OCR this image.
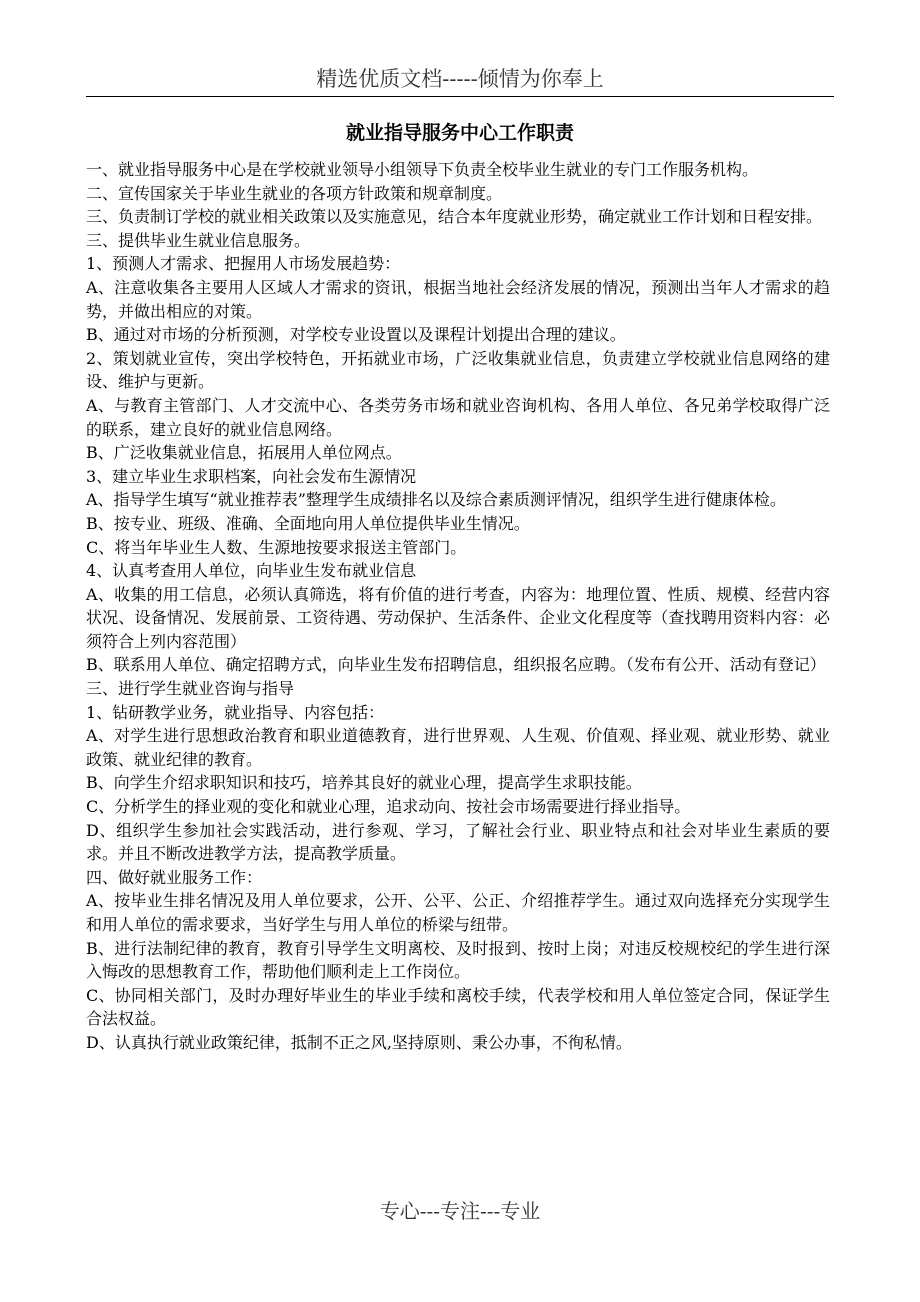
精选优质文档-----倾情为你奉上
就业指导服务中心工作职责

一、就业指导服务中心是在学校就业领导小组领导下负责全校毕业生就业的专门工作服务机构。

二、宣传国家关于毕业生就业的各项方针政策和规章制度。

三、负责制订学校的就业相关政策以及实施意见，结合本年度就业形势，确定就业工作计划和日程安排。

三、提供毕业生就业信息服务。

1、预测人才需求、把握用人市场发展趋势：

A、注意收集各主要用人区域人才需求的资讯，根据当地社会经济发展的情况，预测出当年人才需求的趋势，并做出相应的对策。

B、通过对市场的分析预测，对学校专业设置以及课程计划提出合理的建议。

2、策划就业宣传，突出学校特色，开拓就业市场，广泛收集就业信息，负责建立学校就业信息网络的建设、维护与更新。

A、与教育主管部门、人才交流中心、各类劳务市场和就业咨询机构、各用人单位、各兄弟学校取得广泛的联系，建立良好的就业信息网络。

B、广泛收集就业信息，拓展用人单位网点。

3、建立毕业生求职档案，向社会发布生源情况

A、指导学生填写“就业推荐表”整理学生成绩排名以及综合素质测评情况，组织学生进行健康体检。

B、按专业、班级、准确、全面地向用人单位提供毕业生情况。

C、将当年毕业生人数、生源地按要求报送主管部门。

4、认真考查用人单位，向毕业生发布就业信息

A、收集的用工信息，必须认真筛选，将有价值的进行考查，内容为：地理位置、性质、规模、经营内容状况、设备情况、发展前景、工资待遇、劳动保护、生活条件、企业文化程度等（查找聘用资料内容：必须符合上列内容范围）

B、联系用人单位、确定招聘方式，向毕业生发布招聘信息，组织报名应聘。（发布有公开、活动有登记）

三、进行学生就业咨询与指导

1、钻研教学业务，就业指导、内容包括：

A、对学生进行思想政治教育和职业道德教育，进行世界观、人生观、价值观、择业观、就业形势、就业政策、就业纪律的教育。

B、向学生介绍求职知识和技巧，培养其良好的就业心理，提高学生求职技能。

C、分析学生的择业观的变化和就业心理，追求动向、按社会市场需要进行择业指导。

D、组织学生参加社会实践活动，进行参观、学习，了解社会行业、职业特点和社会对毕业生素质的要求。并且不断改进教学方法，提高教学质量。

四、做好就业服务工作：

A、按毕业生排名情况及用人单位要求，公开、公平、公正、介绍推荐学生。通过双向选择充分实现学生和用人单位的需求要求，当好学生与用人单位的桥梁与纽带。

B、进行法制纪律的教育，教育引导学生文明离校、及时报到、按时上岗；对违反校规校纪的学生进行深入悔改的思想教育工作，帮助他们顺利走上工作岗位。

C、协同相关部门，及时办理好毕业生的毕业手续和离校手续，代表学校和用人单位签定合同，保证学生合法权益。

D、认真执行就业政策纪律，抵制不正之风,坚持原则、秉公办事，不徇私情。

专心---专注---专业
